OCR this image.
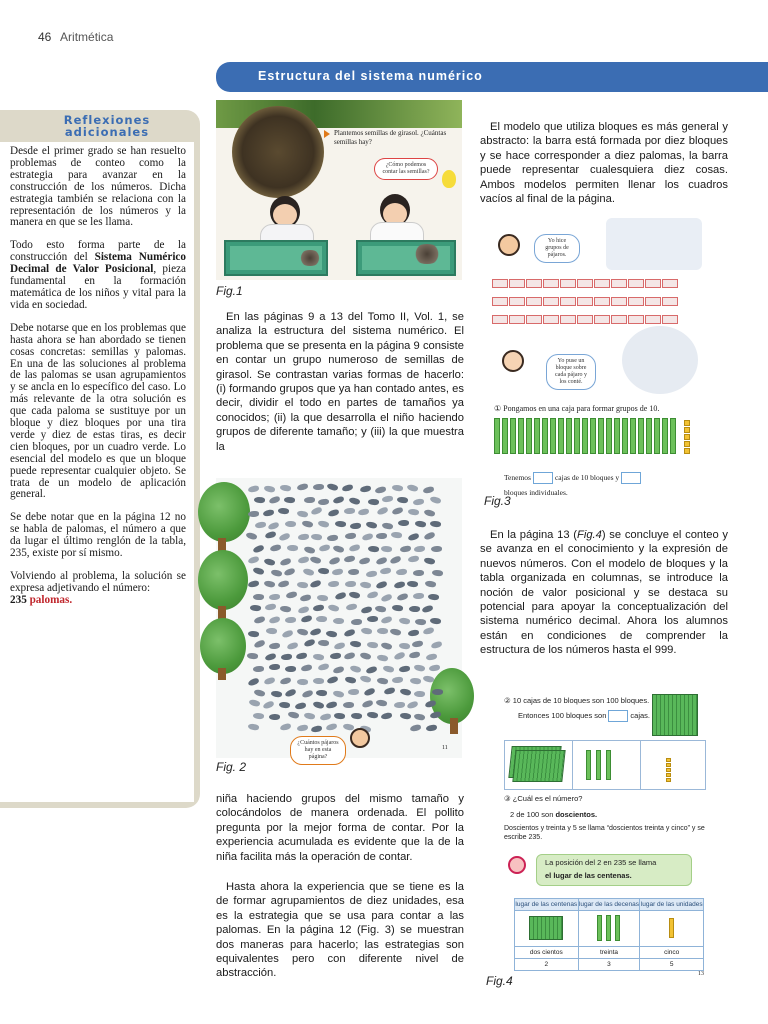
46 Aritmética
Estructura del sistema numérico
Reflexiones
adicionales

Desde el primer grado se han resuelto problemas de conteo como la estrategia para avanzar en la construcción de los números. Dicha estrategia también se relaciona con la representación de los números y la manera en que se les llama.

Todo esto forma parte de la construcción del Sistema Numérico Decimal de Valor Posicional, pieza fundamental en la formación matemática de los niños y vital para la vida en sociedad.

Debe notarse que en los problemas que hasta ahora se han abordado se tienen cosas concretas: semillas y palomas. En una de las soluciones al problema de las palomas se usan agrupamientos y se ancla en lo específico del caso. Lo más relevante de la otra solución es que cada paloma se sustituye por un bloque y diez bloques por una tira verde y diez de estas tiras, es decir cien bloques, por un cuadro verde. Lo esencial del modelo es que un bloque puede representar cualquier objeto. Se trata de un modelo de aplicación general.

Se debe notar que en la página 12 no se habla de palomas, el número a que da lugar el último renglón de la tabla, 235, existe por sí mismo.

Volviendo al problema, la solución se expresa adjetivando el número:
235 palomas.

Plantemos semillas de girasol. ¿Cuántas semillas hay?
¿Cómo podemos contar las semillas?
Fig.1
En las páginas 9 a 13 del Tomo II, Vol. 1, se analiza la estructura del sistema numérico. El problema que se presenta en la página 9 consiste en contar un grupo numeroso de semillas de girasol. Se contrastan varias formas de hacerlo: (i) formando grupos que ya han contado antes, es decir, dividir el todo en partes de tamaños ya conocidos; (ii) la que desarrolla el niño haciendo grupos de diferente tamaño; y (iii) la que muestra la
¿Cuántos pájaros hay en esta página?
11
Fig. 2
niña haciendo grupos del mismo tamaño y colocándolos de manera ordenada. El pollito pregunta por la mejor forma de contar. Por la experiencia acumulada es evidente que la de la niña facilita más la operación de contar.
Hasta ahora la experiencia que se tiene es la de formar agrupamientos de diez unidades, esa es la estrategia que se usa para contar a las palomas. En la página 12 (Fig. 3) se muestran dos maneras para hacerlo; las estrategias son equivalentes pero con diferente nivel de abstracción.
El modelo que utiliza bloques es más general y abstracto: la barra está formada por diez bloques y se hace corresponder a diez palomas, la barra puede representar cualesquiera diez cosas. Ambos modelos permiten llenar los cuadros vacíos al final de la página.
Yo hice grupos de pájaros.
Yo puse un bloque sobre cada pájaro y los conté.
① Pongamos en una caja para formar grupos de 10.
Tenemos	cajas de 10 bloques y
bloques individuales.
Fig.3
En la página 13 (Fig.4) se concluye el conteo y se avanza en el conocimiento y la expresión de nuevos números. Con el modelo de bloques y la tabla organizada en columnas, se introduce la noción de valor posicional y se destaca su potencial para apoyar la conceptualización del sistema numérico decimal. Ahora los alumnos están en condiciones de comprender la estructura de los números hasta el 999.
② 10 cajas de 10 bloques son 100 bloques.
Entonces 100 bloques son	cajas.
③ ¿Cuál es el número?
2 de 100 son doscientos.
Doscientos y treinta y 5 se llama “doscientos treinta y cinco” y se escribe 235.
La posición del 2 en 235 se llama
el lugar de las centenas.
lugar de las centenas	lugar de las decenas	lugar de las unidades

dos cientos	treinta	cinco
2	3	5
13
Fig.4
